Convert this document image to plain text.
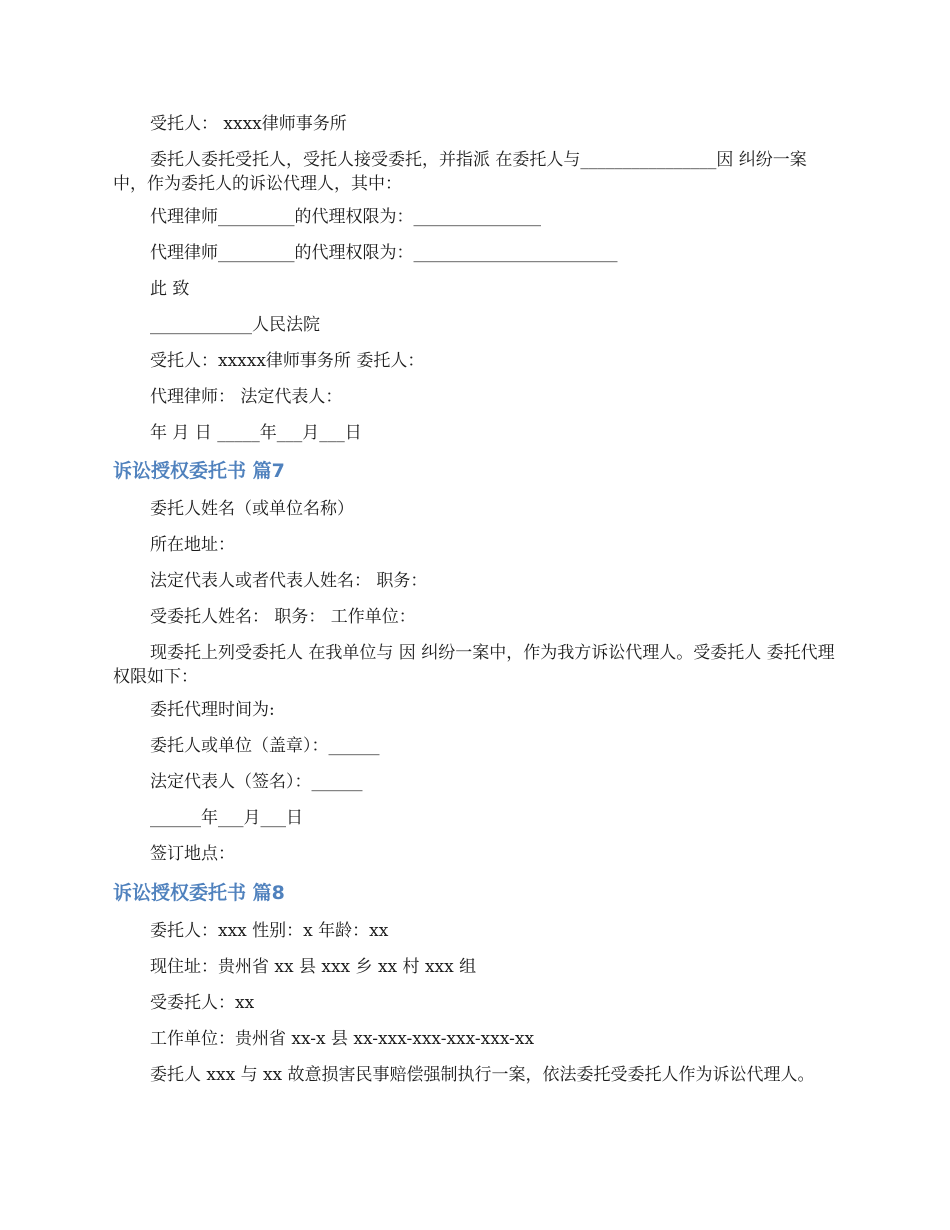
受托人： xxxx律师事务所
委托人委托受托人，受托人接受委托，并指派 在委托人与________________因 纠纷一案中，作为委托人的诉讼代理人，其中：
代理律师_________的代理权限为：_______________
代理律师_________的代理权限为：________________________
此 致
____________人民法院
受托人：xxxxx律师事务所 委托人：
代理律师： 法定代表人：
年 月 日 _____年___月___日
诉讼授权委托书 篇7
委托人姓名（或单位名称）
所在地址：
法定代表人或者代表人姓名： 职务：
受委托人姓名： 职务： 工作单位：
现委托上列受委托人 在我单位与 因 纠纷一案中，作为我方诉讼代理人。受委托人 委托代理权限如下：
委托代理时间为:
委托人或单位（盖章）：______
法定代表人（签名）：______
______年___月___日
签订地点：
诉讼授权委托书 篇8
委托人：xxx 性别：x 年龄：xx
现住址：贵州省 xx 县 xxx 乡 xx 村 xxx 组
受委托人：xx
工作单位：贵州省 xx-x 县 xx-xxx-xxx-xxx-xxx-xx
委托人 xxx 与 xx 故意损害民事赔偿强制执行一案，依法委托受委托人作为诉讼代理人。
